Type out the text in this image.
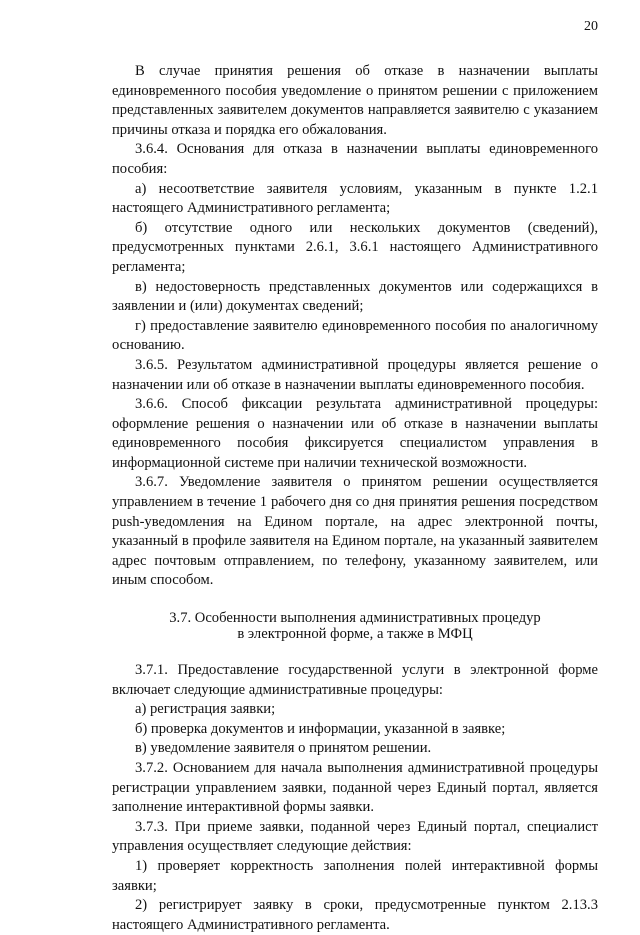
20

В случае принятия решения об отказе в назначении выплаты единовременного пособия уведомление о принятом решении с приложением представленных заявителем документов направляется заявителю с указанием причины отказа и порядка его обжалования.

3.6.4. Основания для отказа в назначении выплаты единовременного пособия:

а) несоответствие заявителя условиям, указанным в пункте 1.2.1 настоящего Административного регламента;

б) отсутствие одного или нескольких документов (сведений), предусмотренных пунктами 2.6.1, 3.6.1 настоящего Административного регламента;

в) недостоверность представленных документов или содержащихся в заявлении и (или) документах сведений;

г) предоставление заявителю единовременного пособия по аналогичному основанию.

3.6.5. Результатом административной процедуры является решение о назначении или об отказе в назначении выплаты единовременного пособия.

3.6.6. Способ фиксации результата административной процедуры: оформление решения о назначении или об отказе в назначении выплаты единовременного пособия фиксируется специалистом управления в информационной системе при наличии технической возможности.

3.6.7. Уведомление заявителя о принятом решении осуществляется управлением в течение 1 рабочего дня со дня принятия решения посредством push-уведомления на Едином портале, на адрес электронной почты, указанный в профиле заявителя на Едином портале, на указанный заявителем адрес почтовым отправлением, по телефону, указанному заявителем, или иным способом.

3.7. Особенности выполнения административных процедур
в электронной форме, а также в МФЦ

3.7.1. Предоставление государственной услуги в электронной форме включает следующие административные процедуры:

а) регистрация заявки;

б) проверка документов и информации, указанной в заявке;

в) уведомление заявителя о принятом решении.

3.7.2. Основанием для начала выполнения административной процедуры регистрации управлением заявки, поданной через Единый портал, является заполнение интерактивной формы заявки.

3.7.3. При приеме заявки, поданной через Единый портал, специалист управления осуществляет следующие действия:

1) проверяет корректность заполнения полей интерактивной формы заявки;

2) регистрирует заявку в сроки, предусмотренные пунктом 2.13.3 настоящего Административного регламента.
